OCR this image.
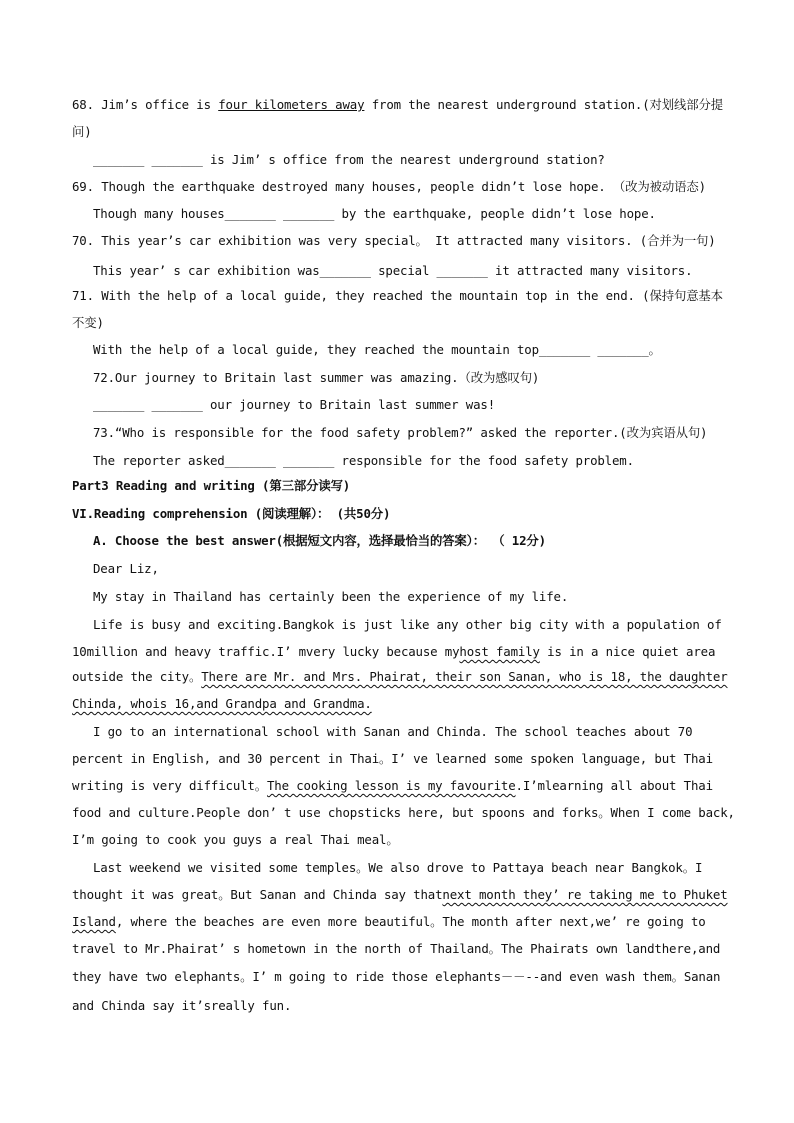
68. Jim’s office is four kilometers away from the nearest underground station.(对划线部分提
问)
_______ _______ is Jim’ s office from the nearest underground station?
69. Though the earthquake destroyed many houses, people didn’t lose hope. （改为被动语态)
Though many houses_______ _______ by the earthquake, people didn’t lose hope.
70. This year’s car exhibition was very special。 It attracted many visitors. (合并为一句)
This year’ s car exhibition was_______ special _______ it attracted many visitors.
71. With the help of a local guide, they reached the mountain top in the end. (保持句意基本
不变)
With the help of a local guide, they reached the mountain top_______ _______。
72.Our journey to Britain last summer was amazing.（改为感叹句)
_______ _______ our journey to Britain last summer was!
73.“Who is responsible for the food safety problem?” asked the reporter.(改为宾语从句)
The reporter asked_______ _______ responsible for the food safety problem.
Part3 Reading and writing (第三部分读写)
VI.Reading comprehension (阅读理解）： (共50分)
A. Choose the best answer(根据短文内容，选择最恰当的答案）： （ 12分)
Dear Liz,
My stay in Thailand has certainly been the experience of my life.
Life is busy and exciting.Bangkok is just like any other big city with a population of
10million and heavy traffic.I’ mvery lucky because myhost family is in a nice quiet area
outside the city。There are Mr. and Mrs. Phairat, their son Sanan, who is 18, the daughter
Chinda, whois 16,and Grandpa and Grandma.
I go to an international school with Sanan and Chinda. The school teaches about 70
percent in English, and 30 percent in Thai。I’ ve learned some spoken language, but Thai
writing is very difficult。The cooking lesson is my favourite.I’mlearning all about Thai
food and culture.People don’ t use chopsticks here, but spoons and forks。When I come back,
I’m going to cook you guys a real Thai meal。
Last weekend we visited some temples。We also drove to Pattaya beach near Bangkok。I
thought it was great。But Sanan and Chinda say thatnext month they’ re taking me to Phuket
Island, where the beaches are even more beautiful。The month after next,we’ re going to
travel to Mr.Phairat’ s hometown in the north of Thailand。The Phairats own landthere,and
they have two elephants。I’ m going to ride those elephants－－--and even wash them。Sanan
and Chinda say it’sreally fun.
